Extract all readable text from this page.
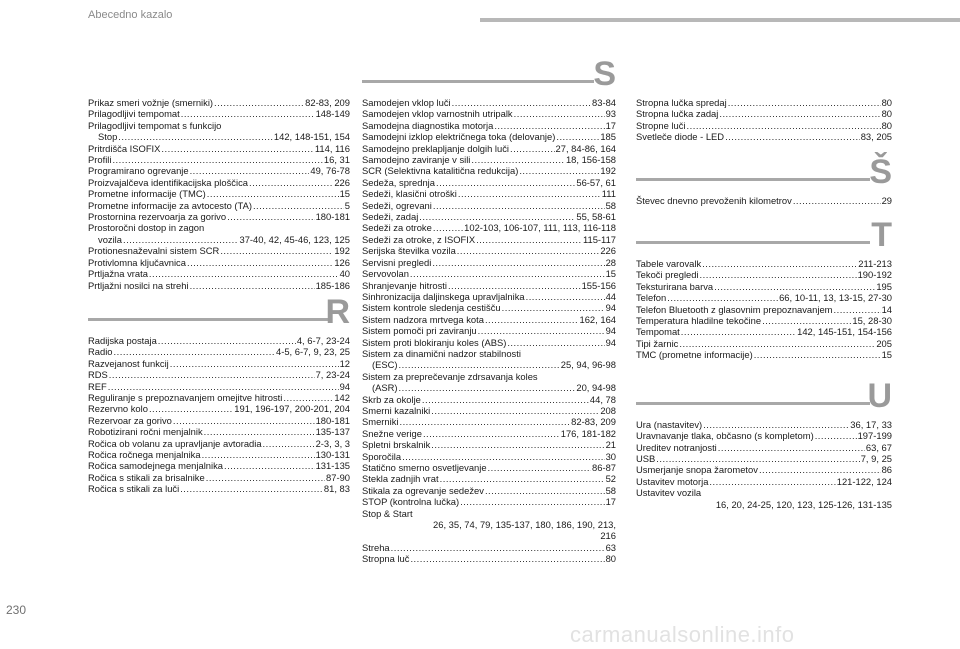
Abecedno kazalo
Prikaz smeri vožnje (smerniki) .....	82-83, 209
Prilagodljivi tempomat .....	148-149
Prilagodljivi tempomat s funkcijo
Stop .....	142, 148-151, 154
Pritrdišča ISOFIX .....	114, 116
Profili .....	16, 31
Programirano ogrevanje .....	49, 76-78
Proizvajalčeva identifikacijska ploščica .....	226
Prometne informacije (TMC) .....	15
Prometne informacije za avtocesto (TA) .....	5
Prostornina rezervoarja za gorivo .....	180-181
Prostoročni dostop in zagon
vozila .....	37-40, 42, 45-46, 123, 125
Protionesnaževalni sistem SCR .....	192
Protivlomna ključavnica .....	126
Prtljažna vrata .....	40
Prtljažni nosilci na strehi .....	185-186
R
Radijska postaja .....	4, 6-7, 23-24
Radio .....	4-5, 6-7, 9, 23, 25
Razvejanost funkcij .....	12
RDS .....	7, 23-24
REF .....	94
Reguliranje s prepoznavanjem omejitve hitrosti .....	142
Rezervno kolo .....	191, 196-197, 200-201, 204
Rezervoar za gorivo .....	180-181
Robotizirani ročni menjalnik .....	135-137
Ročica ob volanu za upravljanje avtoradia .....	2-3, 3, 3
Ročica ročnega menjalnika .....	130-131
Ročica samodejnega menjalnika .....	131-135
Ročica s stikali za brisalnike .....	87-90
Ročica s stikali za luči .....	81, 83
S
Samodejen vklop luči .....	83-84
Samodejen vklop varnostnih utripalk .....	93
Samodejna diagnostika motorja .....	17
Samodejni izklop električnega toka (delovanje) .....	185
Samodejno preklapljanje dolgih luči .....	27, 84-86, 164
Samodejno zaviranje v sili .....	18, 156-158
SCR (Selektivna katalitična redukcija) .....	192
Sedeža, sprednja .....	56-57, 61
Sedeži, klasični otroški .....	111
Sedeži, ogrevani .....	58
Sedeži, zadaj .....	55, 58-61
Sedeži za otroke .....	102-103, 106-107, 111, 113, 116-118
Sedeži za otroke, z ISOFIX .....	115-117
Serijska številka vozila .....	226
Servisni pregledi .....	28
Servovolan .....	15
Shranjevanje hitrosti .....	155-156
Sinhronizacija daljinskega upravljalnika .....	44
Sistem kontrole sledenja cestišču .....	94
Sistem nadzora mrtvega kota .....	162, 164
Sistem pomoči pri zaviranju .....	94
Sistem proti blokiranju koles (ABS) .....	94
Sistem za dinamični nadzor stabilnosti
(ESC) .....	25, 94, 96-98
Sistem za preprečevanje zdrsavanja koles
(ASR) .....	20, 94-98
Skrb za okolje .....	44, 78
Smerni kazalniki .....	208
Smerniki .....	82-83, 209
Snežne verige .....	176, 181-182
Spletni brskalnik .....	21
Sporočila .....	30
Statično smerno osvetljevanje .....	86-87
Stekla zadnjih vrat .....	52
Stikala za ogrevanje sedežev .....	58
STOP (kontrolna lučka) .....	17
Stop & Start
26, 35, 74, 79, 135-137, 180, 186, 190, 213, 216
Streha .....	63
Stropna luč .....	80
Stropna lučka spredaj .....	80
Stropna lučka zadaj .....	80
Stropne luči .....	80
Svetleče diode - LED .....	83, 205
Š
Števec dnevno prevoženih kilometrov .....	29
T
Tabele varovalk .....	211-213
Tekoči pregledi .....	190-192
Teksturirana barva .....	195
Telefon .....	66, 10-11, 13, 13-15, 27-30
Telefon Bluetooth z glasovnim prepoznavanjem .....	14
Temperatura hladilne tekočine .....	15, 28-30
Tempomat .....	142, 145-151, 154-156
Tipi žarnic .....	205
TMC (prometne informacije) .....	15
U
Ura (nastavitev) .....	36, 17, 33
Uravnavanje tlaka, občasno (s kompletom) .....	197-199
Ureditev notranjosti .....	63, 67
USB .....	7, 9, 25
Usmerjanje snopa žarometov .....	86
Ustavitev motorja .....	121-122, 124
Ustavitev vozila
16, 20, 24-25, 120, 123, 125-126, 131-135
230
carmanualsonline.info
